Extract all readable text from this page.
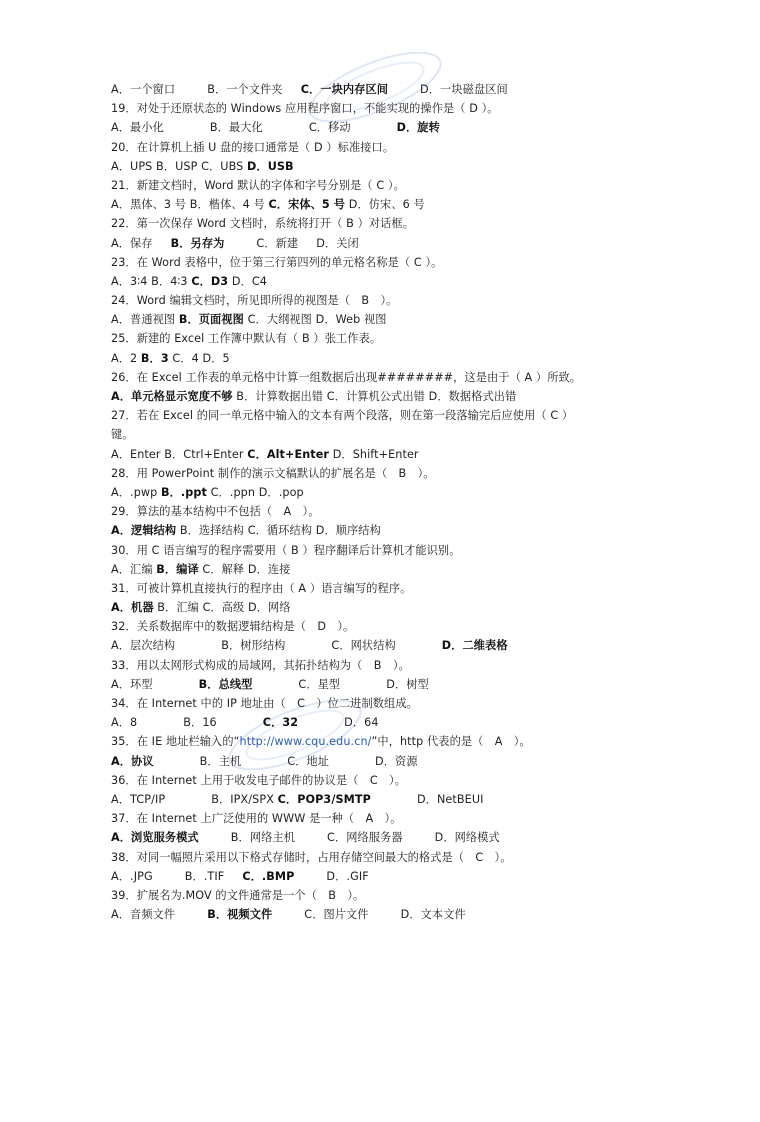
A．一个窗口	B．一个文件夹 C．一块内存区间	D．一块磁盘区间
19．对处于还原状态的 Windows 应用程序窗口，不能实现的操作是（ D ）。
A．最小化	B．最大化	C．移动	D．旋转
20．在计算机上插 U 盘的接口通常是（ D ）标准接口。
A．UPS B．USP C．UBS D．USB
21．新建文档时，Word 默认的字体和字号分别是（ C ）。
A．黑体、3 号 B．楷体、4 号 C．宋体、5 号 D．仿宋、6 号
22．第一次保存 Word 文档时，系统将打开（ B ）对话框。
A．保存 B．另存为	C．新建 D．关闭
23．在 Word 表格中，位于第三行第四列的单元格名称是（ C ）。
A．3∶4 B．4∶3 C．D3 D．C4
24．Word 编辑文档时，所见即所得的视图是（　B　）。
A．普通视图 B．页面视图 C．大纲视图 D．Web 视图
25．新建的 Excel 工作簿中默认有（ B ）张工作表。
A．2 B．3 C．4 D．5
26．在 Excel 工作表的单元格中计算一组数据后出现########，这是由于（ A ）所致。
A．单元格显示宽度不够 B．计算数据出错 C．计算机公式出错 D．数据格式出错
27．若在 Excel 的同一单元格中输入的文本有两个段落，则在第一段落输完后应使用（ C ）
键。
A．Enter B．Ctrl+Enter C．Alt+Enter D．Shift+Enter
28．用 PowerPoint 制作的演示文稿默认的扩展名是（　B　）。
A．.pwp B．.ppt C．.ppn D．.pop
29．算法的基本结构中不包括（　A　）。
A．逻辑结构 B．选择结构 C．循环结构 D．顺序结构
30．用 C 语言编写的程序需要用（ B ）程序翻译后计算机才能识别。
A．汇编 B．编译 C．解释 D．连接
31．可被计算机直接执行的程序由（ A ）语言编写的程序。
A．机器 B．汇编 C．高级 D．网络
32．关系数据库中的数据逻辑结构是（　D　）。
A．层次结构	B．树形结构	C．网状结构	D．二维表格
33．用以太网形式构成的局域网，其拓扑结构为（　B　）。
A．环型	B．总线型	C．星型	D．树型
34．在 Internet 中的 IP 地址由（　C　）位二进制数组成。
A．8	B．16	C．32	D．64
35．在 IE 地址栏输入的“http://www.cqu.edu.cn/”中，http 代表的是（　A　）。
A．协议	B．主机	C．地址	D．资源
36．在 Internet 上用于收发电子邮件的协议是（　C　）。
A．TCP/IP	B．IPX/SPX C．POP3/SMTP	D．NetBEUI
37．在 Internet 上广泛使用的 WWW 是一种（　A　）。
A．浏览服务模式	B．网络主机	C．网络服务器	D．网络模式
38．对同一幅照片采用以下格式存储时，占用存储空间最大的格式是（　C　）。
A．.JPG	B．.TIF C．.BMP	D．.GIF
39．扩展名为.MOV 的文件通常是一个（　B　）。
A．音频文件	B．视频文件	C．图片文件	D．文本文件
